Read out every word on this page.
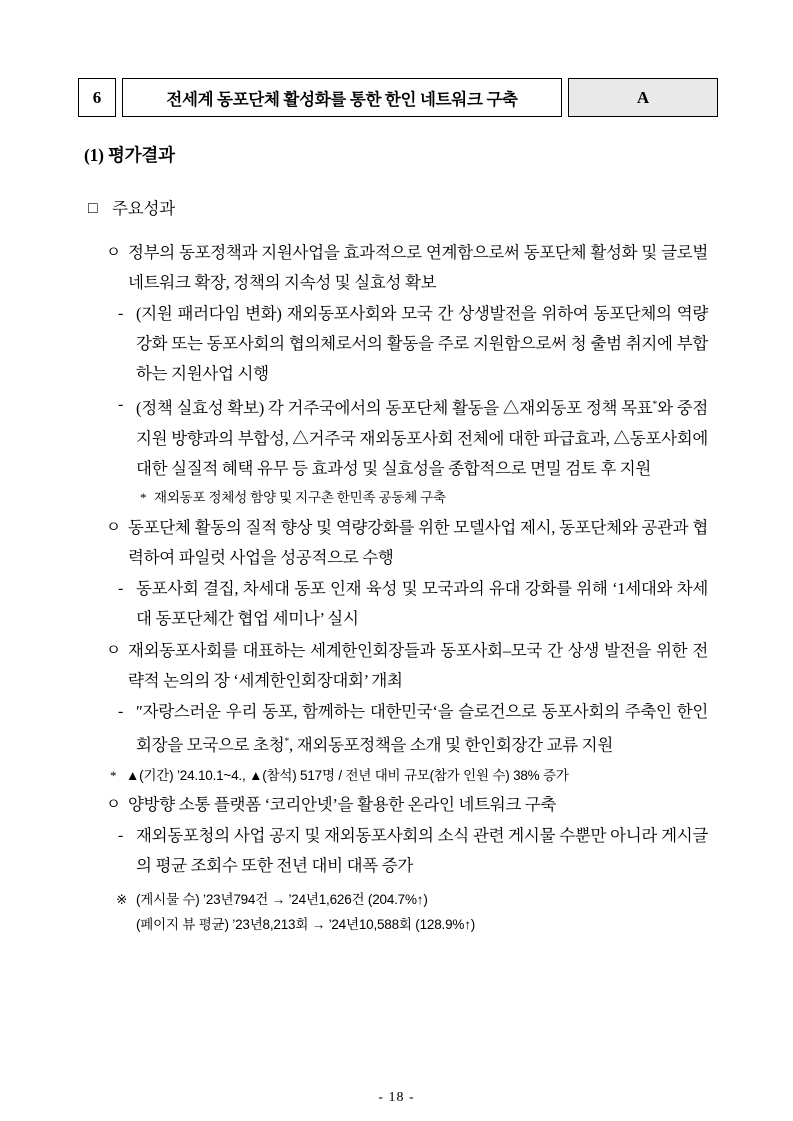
6	전세계 동포단체 활성화를 통한 한인 네트워크 구축	A
(1) 평가결과
□ 주요성과
ㅇ 정부의 동포정책과 지원사업을 효과적으로 연계함으로써 동포단체 활성화 및 글로벌 네트워크 확장, 정책의 지속성 및 실효성 확보
- (지원 패러다임 변화) 재외동포사회와 모국 간 상생발전을 위하여 동포단체의 역량 강화 또는 동포사회의 협의체로서의 활동을 주로 지원함으로써 청 출범 취지에 부합하는 지원사업 시행
- (정책 실효성 확보) 각 거주국에서의 동포단체 활동을 △재외동포 정책 목표*와 중점 지원 방향과의 부합성, △거주국 재외동포사회 전체에 대한 파급효과, △동포사회에 대한 실질적 혜택 유무 등 효과성 및 실효성을 종합적으로 면밀 검토 후 지원
* 재외동포 정체성 함양 및 지구촌 한민족 공동체 구축
ㅇ 동포단체 활동의 질적 향상 및 역량강화를 위한 모델사업 제시, 동포단체와 공관과 협력하여 파일럿 사업을 성공적으로 수행
- 동포사회 결집, 차세대 동포 인재 육성 및 모국과의 유대 강화를 위해 ‘1세대와 차세대 동포단체간 협업 세미나’ 실시
ㅇ 재외동포사회를 대표하는 세계한인회장들과 동포사회–모국 간 상생 발전을 위한 전략적 논의의 장 ‘세계한인회장대회’ 개최
- ″자랑스러운 우리 동포, 함께하는 대한민국‘을 슬로건으로 동포사회의 주축인 한인회장을 모국으로 초청*, 재외동포정책을 소개 및 한인회장간 교류 지원
* ▲(기간) ’24.10.1~4., ▲(참석) 517명 / 전년 대비 규모(참가 인원 수) 38% 증가
ㅇ 양방향 소통 플랫폼 ‘코리안넷’을 활용한 온라인 네트워크 구축
- 재외동포청의 사업 공지 및 재외동포사회의 소식 관련 게시물 수뿐만 아니라 게시글의 평균 조회수 또한 전년 대비 대폭 증가
※ (게시물 수) ’23년794건 → ’24년1,626건 (204.7%↑)
(페이지 뷰 평균) ’23년8,213회 → ’24년10,588회 (128.9%↑)
- 18 -
